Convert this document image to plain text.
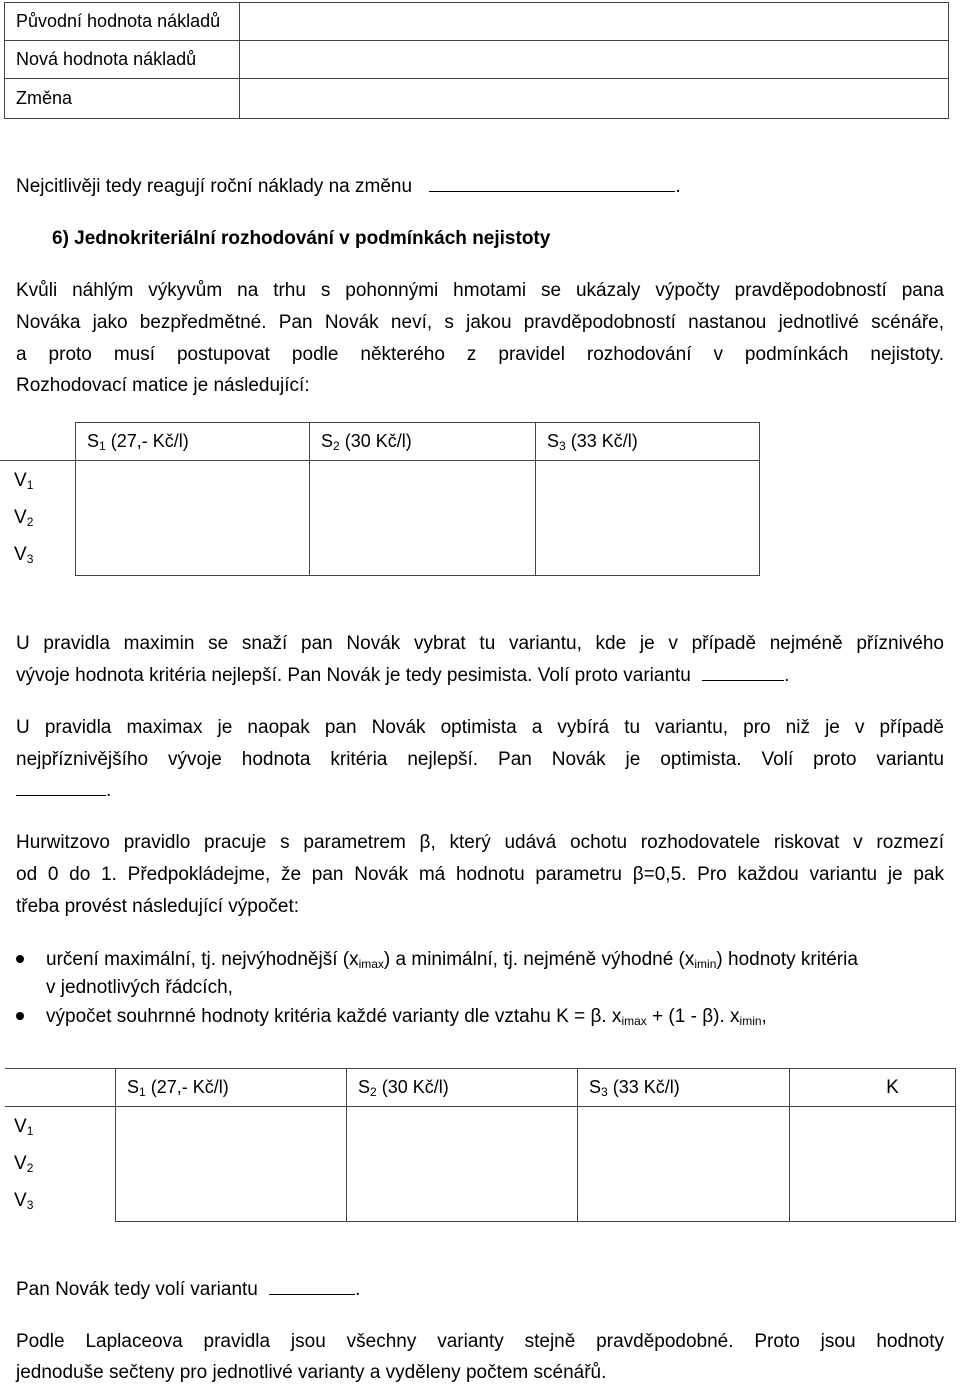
Původní hodnota nákladů	
Nová hodnota nákladů	
Změna	
Nejcitlivěji tedy reagují roční náklady na změnu	.
6) Jednokriteriální rozhodování v podmínkách nejistoty
Kvůli náhlým výkyvům na trhu s pohonnými hmotami se ukázaly výpočty pravděpodobností pana
Nováka jako bezpředmětné. Pan Novák neví, s jakou pravděpodobností nastanou jednotlivé scénáře,
a proto musí postupovat podle některého z pravidel rozhodování v podmínkách nejistoty.
Rozhodovací matice je následující:
$S_1$ (27,- Kč/l)	$S_2$ (30 Kč/l)	$S_3$ (33 Kč/l)

$V_1$
$V_2$
$V_3$
U pravidla maximin se snaží pan Novák vybrat tu variantu, kde je v případě nejméně příznivého
vývoje hodnota kritéria nejlepší. Pan Novák je tedy pesimista. Volí proto variantu	.
U pravidla maximax je naopak pan Novák optimista a vybírá tu variantu, pro niž je v případě
nejpříznivějšího vývoje hodnota kritéria nejlepší. Pan Novák je optimista. Volí proto variantu
.
Hurwitzovo pravidlo pracuje s parametrem β, který udává ochotu rozhodovatele riskovat v rozmezí
od 0 do 1. Předpokládejme, že pan Novák má hodnotu parametru β=0,5. Pro každou variantu je pak
třeba provést následující výpočet:
určení maximální, tj. nejvýhodnější $(x_{imax})$ a minimální, tj. nejméně výhodné $(x_{imin})$ hodnoty kritéria
v jednotlivých řádcích,
výpočet souhrnné hodnoty kritéria každé varianty dle vztahu K = β. $x_{imax} + (1 - \beta)$. $x_{imin}$,
	$S_1$ (27,- Kč/l)	$S_2$ (30 Kč/l)	$S_3$ (33 Kč/l)	K

$V_1$
$V_2$
$V_3$

Pan Novák tedy volí variantu	.
Podle Laplaceova pravidla jsou všechny varianty stejně pravděpodobné. Proto jsou hodnoty
jednoduše sečteny pro jednotlivé varianty a vyděleny počtem scénářů.
